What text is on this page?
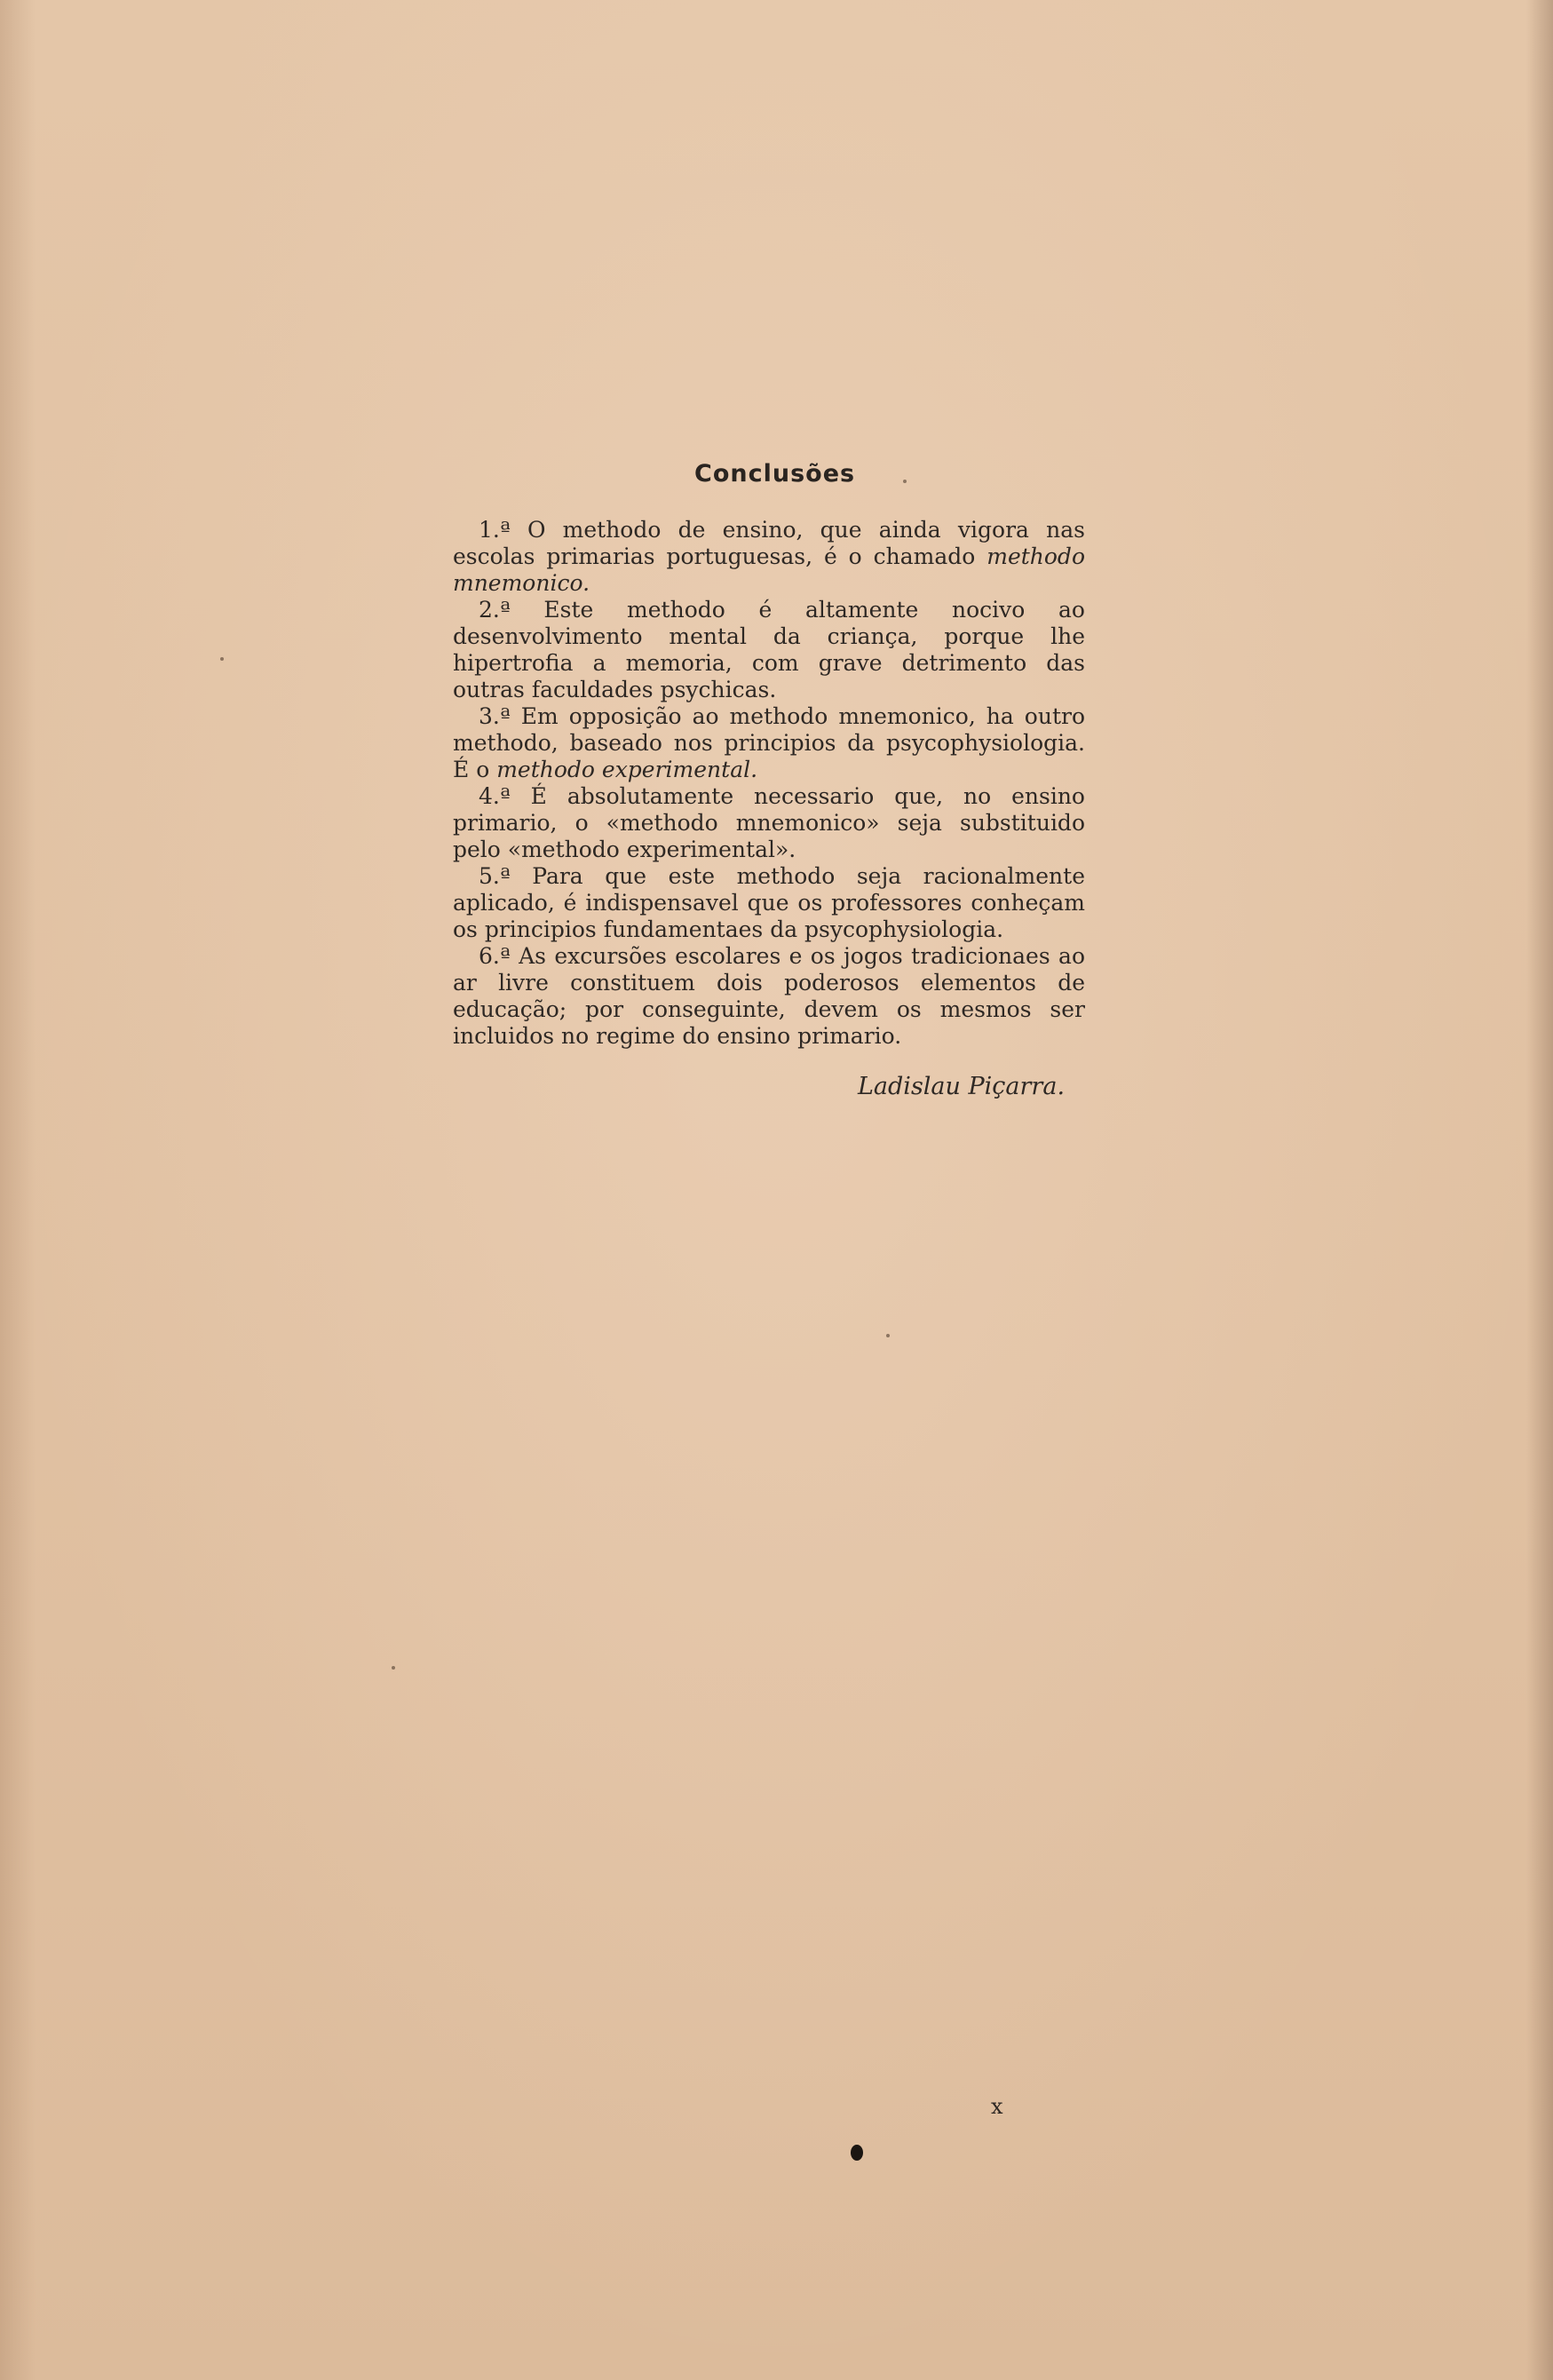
Conclusões

1.ª O methodo de ensino, que ainda vigora nas escolas primarias portuguesas, é o chamado methodo mnemonico.

2.ª Este methodo é altamente nocivo ao desenvolvimento mental da criança, porque lhe hipertrofia a memoria, com grave detrimento das outras faculdades psychicas.

3.ª Em opposição ao methodo mnemonico, ha outro methodo, baseado nos principios da psycophysiologia. É o methodo experimental.

4.ª É absolutamente necessario que, no ensino primario, o «methodo mnemonico» seja substituido pelo «methodo experimental».

5.ª Para que este methodo seja racionalmente aplicado, é indispensavel que os professores conheçam os principios fundamentaes da psycophysiologia.

6.ª As excursões escolares e os jogos tradicionaes ao ar livre constituem dois poderosos elementos de educação; por conseguinte, devem os mesmos ser incluidos no regime do ensino primario.

Ladislau Piçarra.
x
